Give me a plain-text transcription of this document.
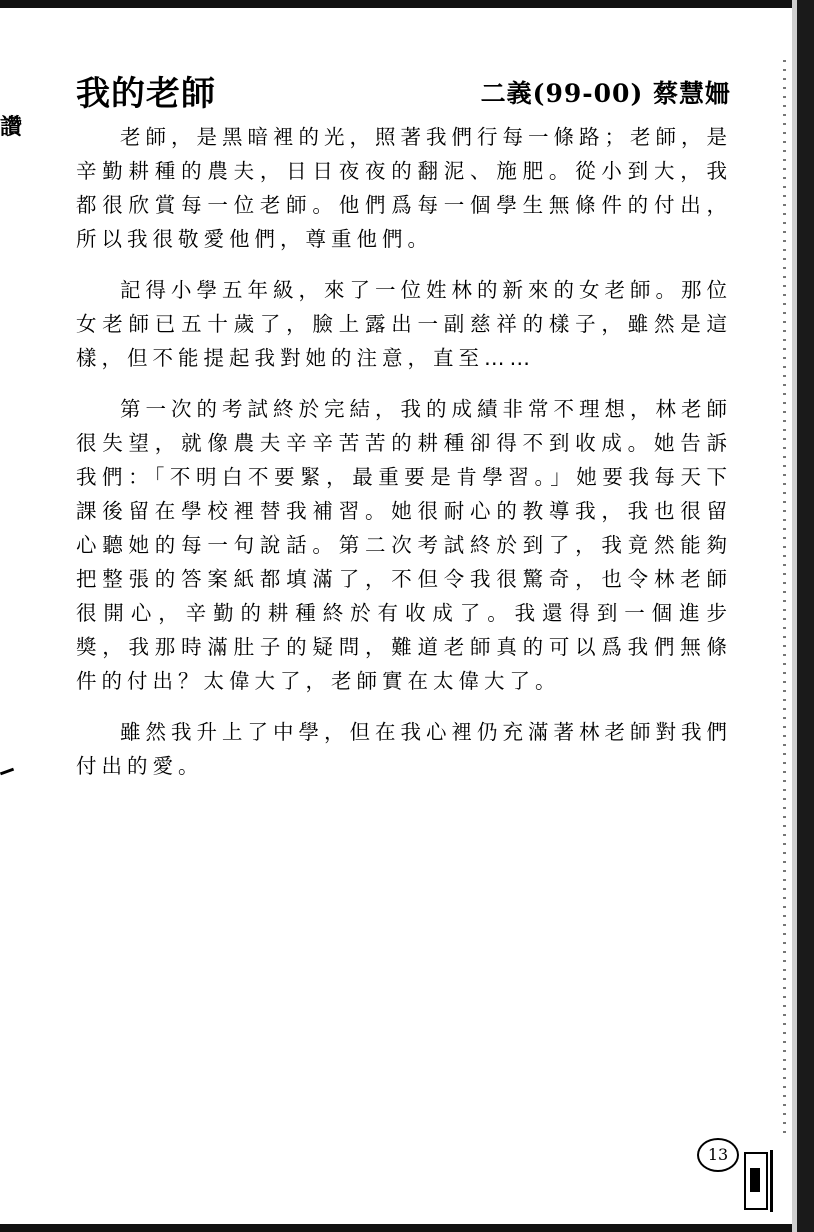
讚
我的老師	二義(99-00) 蔡慧姍

老師，是黑暗裡的光，照著我們行每一條路；老師，是辛勤耕種的農夫，日日夜夜的翻泥、施肥。從小到大，我都很欣賞每一位老師。他們爲每一個學生無條件的付出，所以我很敬愛他們，尊重他們。

記得小學五年級，來了一位姓林的新來的女老師。那位女老師已五十歲了，臉上露出一副慈祥的樣子，雖然是這樣，但不能提起我對她的注意，直至……

第一次的考試終於完結，我的成績非常不理想，林老師很失望，就像農夫辛辛苦苦的耕種卻得不到收成。她告訴我們：「不明白不要緊，最重要是肯學習。」她要我每天下課後留在學校裡替我補習。她很耐心的教導我，我也很留心聽她的每一句說話。第二次考試終於到了，我竟然能夠把整張的答案紙都填滿了，不但令我很驚奇，也令林老師很開心，辛勤的耕種終於有收成了。我還得到一個進步獎，我那時滿肚子的疑問，難道老師真的可以爲我們無條件的付出？太偉大了，老師實在太偉大了。

雖然我升上了中學，但在我心裡仍充滿著林老師對我們付出的愛。

13
